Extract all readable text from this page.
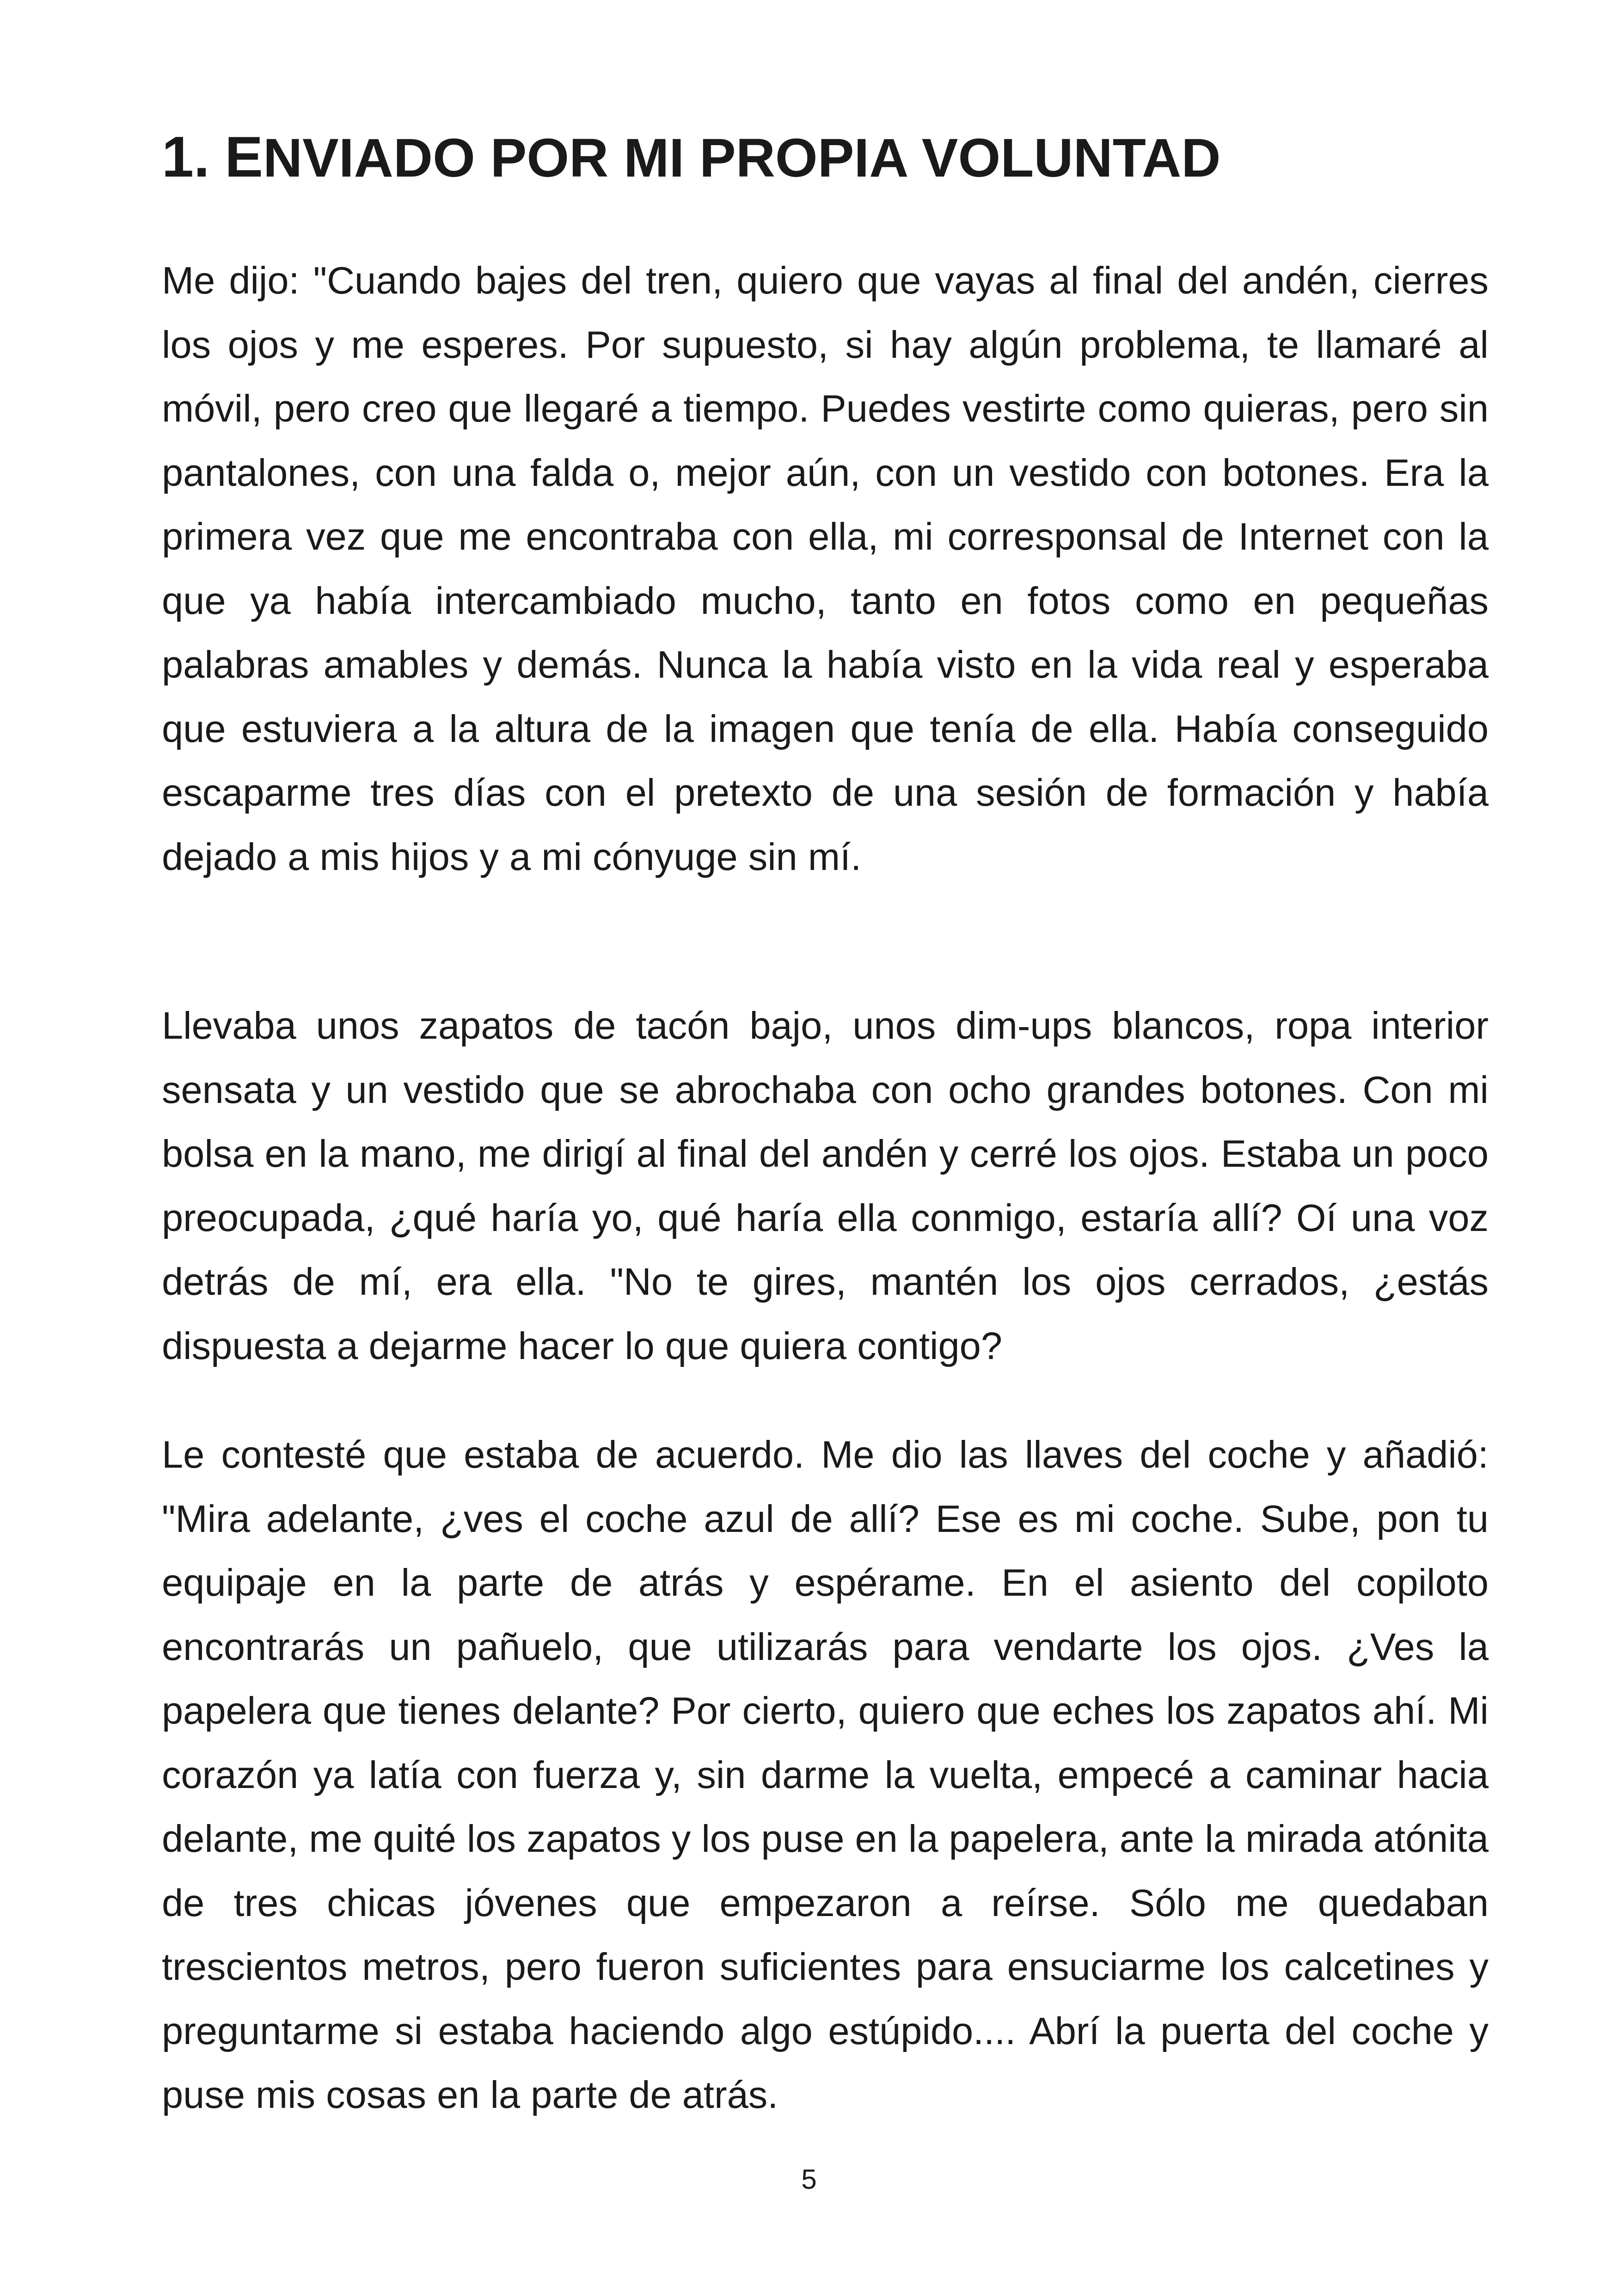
1. ENVIADO POR MI PROPIA VOLUNTAD

Me dijo: "Cuando bajes del tren, quiero que vayas al final del andén, cierres los ojos y me esperes. Por supuesto, si hay algún problema, te llamaré al móvil, pero creo que llegaré a tiempo. Puedes vestirte como quieras, pero sin pantalones, con una falda o, mejor aún, con un vestido con botones. Era la primera vez que me encontraba con ella, mi corresponsal de Internet con la que ya había intercambiado mucho, tanto en fotos como en pequeñas palabras amables y demás. Nunca la había visto en la vida real y esperaba que estuviera a la altura de la imagen que tenía de ella. Había conseguido escaparme tres días con el pretexto de una sesión de formación y había dejado a mis hijos y a mi cónyuge sin mí.

Llevaba unos zapatos de tacón bajo, unos dim-ups blancos, ropa interior sensata y un vestido que se abrochaba con ocho grandes botones. Con mi bolsa en la mano, me dirigí al final del andén y cerré los ojos. Estaba un poco preocupada, ¿qué haría yo, qué haría ella conmigo, estaría allí? Oí una voz detrás de mí, era ella. "No te gires, mantén los ojos cerrados, ¿estás dispuesta a dejarme hacer lo que quiera contigo?

Le contesté que estaba de acuerdo. Me dio las llaves del coche y añadió: "Mira adelante, ¿ves el coche azul de allí? Ese es mi coche. Sube, pon tu equipaje en la parte de atrás y espérame. En el asiento del copiloto encontrarás un pañuelo, que utilizarás para vendarte los ojos. ¿Ves la papelera que tienes delante? Por cierto, quiero que eches los zapatos ahí. Mi corazón ya latía con fuerza y, sin darme la vuelta, empecé a caminar hacia delante, me quité los zapatos y los puse en la papelera, ante la mirada atónita de tres chicas jóvenes que empezaron a reírse. Sólo me quedaban trescientos metros, pero fueron suficientes para ensuciarme los calcetines y preguntarme si estaba haciendo algo estúpido.... Abrí la puerta del coche y puse mis cosas en la parte de atrás.

5
